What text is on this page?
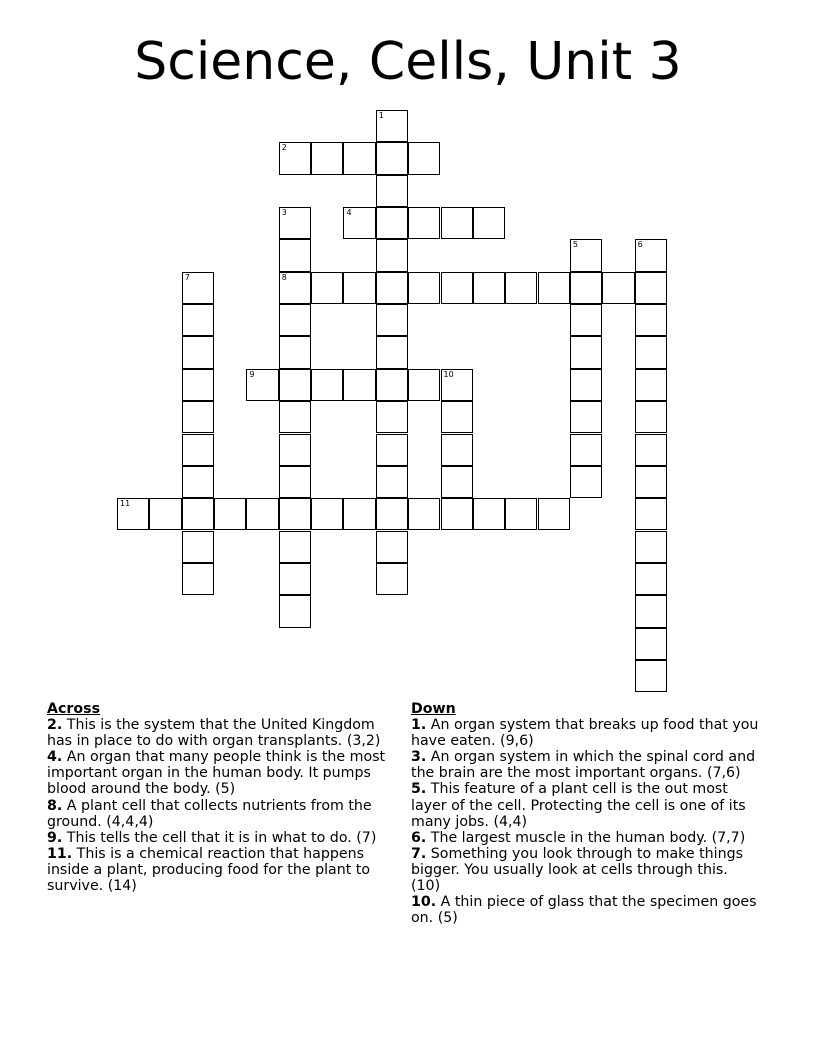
Science, Cells, Unit 3
1
2
3
8
4
5	6
7
9	10
11
Across
2. This is the system that the United Kingdom has in place to do with organ transplants. (3,2)
4. An organ that many people think is the most important organ in the human body. It pumps blood around the body. (5)
8. A plant cell that collects nutrients from the ground. (4,4,4)
9. This tells the cell that it is in what to do. (7)
11. This is a chemical reaction that happens inside a plant, producing food for the plant to survive. (14)
Down
1. An organ system that breaks up food that you have eaten. (9,6)
3. An organ system in which the spinal cord and the brain are the most important organs. (7,6)
5. This feature of a plant cell is the out most layer of the cell. Protecting the cell is one of its many jobs. (4,4)
6. The largest muscle in the human body. (7,7)
7. Something you look through to make things bigger. You usually look at cells through this. (10)
10. A thin piece of glass that the specimen goes on. (5)
